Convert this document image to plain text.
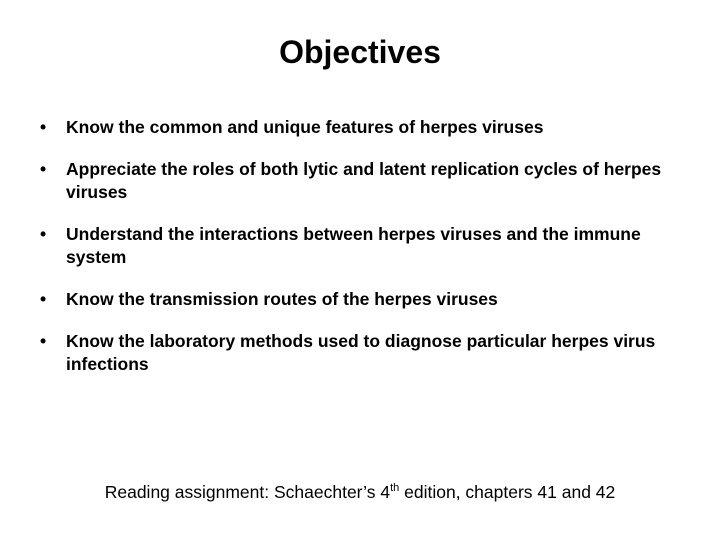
Objectives
•	Know the common and unique features of herpes viruses
•	Appreciate the roles of both lytic and latent replication cycles of herpes viruses
•	Understand the interactions between herpes viruses and the immune system
•	Know the transmission routes of the herpes viruses
•	Know the laboratory methods used to diagnose particular herpes virus infections
Reading assignment: Schaechter’s 4th edition, chapters 41 and 42
